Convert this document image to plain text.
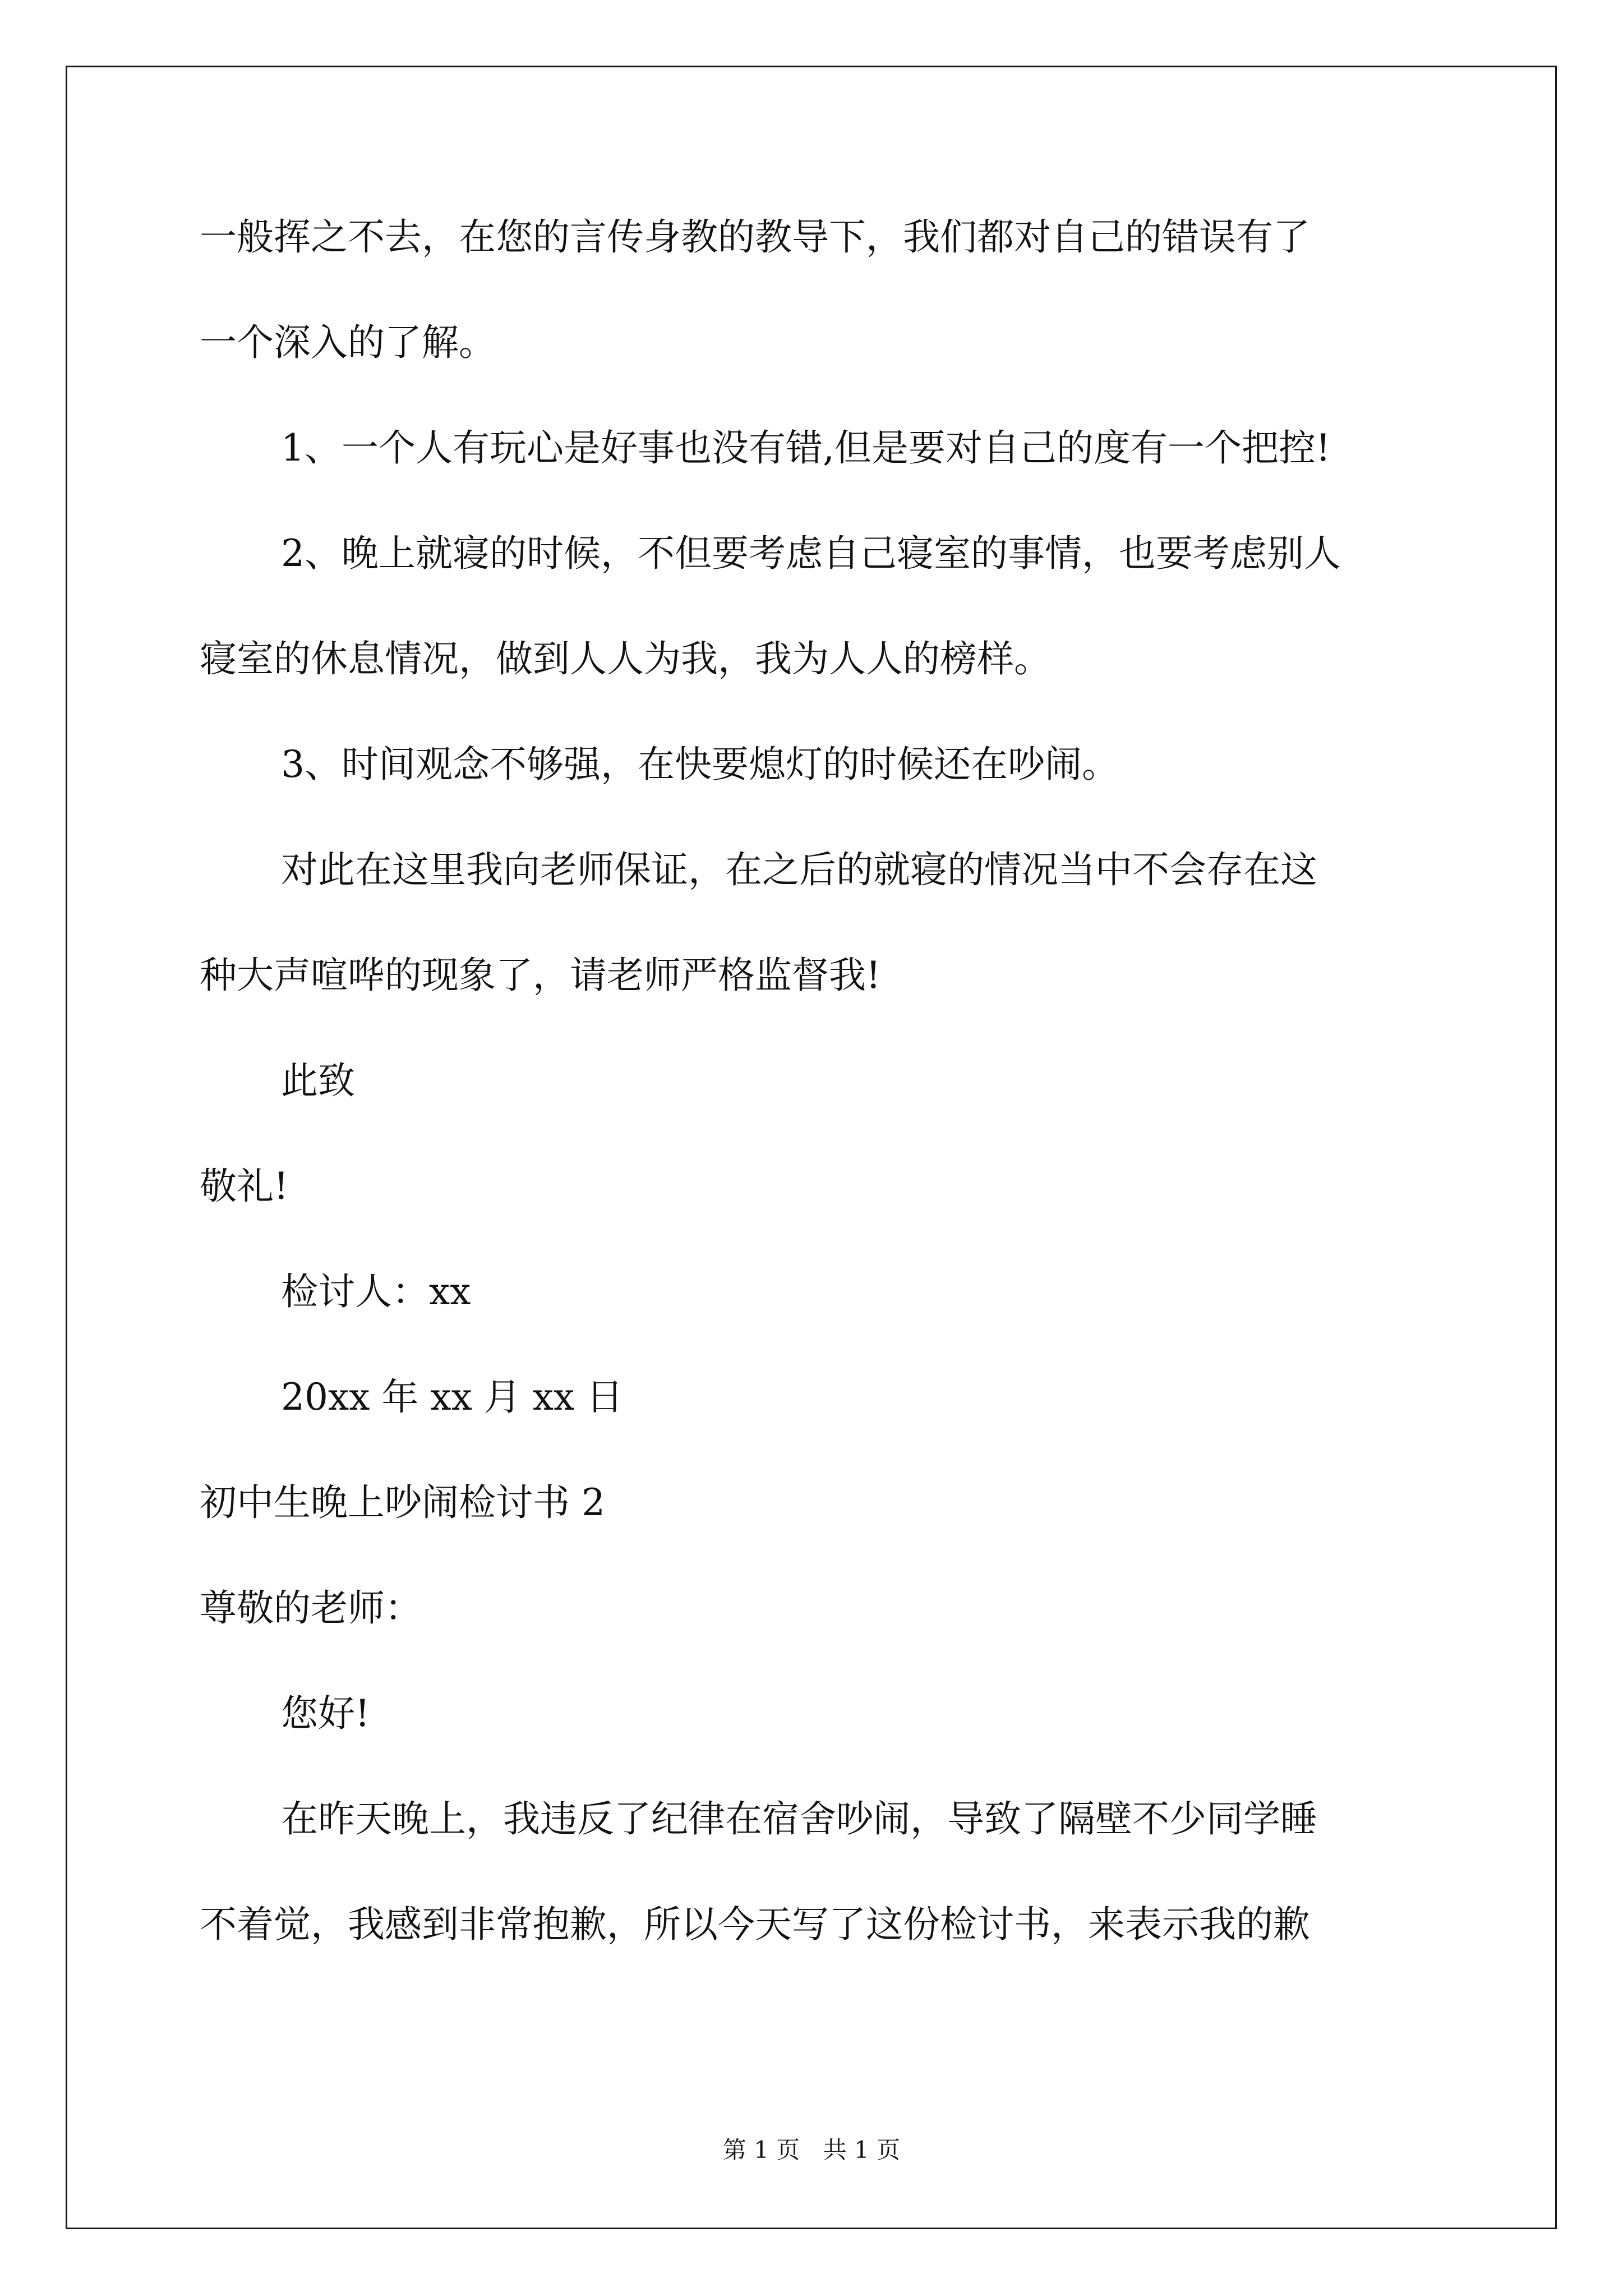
一般挥之不去，在您的言传身教的教导下，我们都对自己的错误有了
一个深入的了解。
1、一个人有玩心是好事也没有错,但是要对自己的度有一个把控!
2、晚上就寝的时候，不但要考虑自己寝室的事情，也要考虑别人
寝室的休息情况，做到人人为我，我为人人的榜样。
3、时间观念不够强，在快要熄灯的时候还在吵闹。
对此在这里我向老师保证，在之后的就寝的情况当中不会存在这
种大声喧哗的现象了，请老师严格监督我!
此致
敬礼!
检讨人：xx
20xx 年 xx 月 xx 日
初中生晚上吵闹检讨书 2
尊敬的老师：
您好!
在昨天晚上，我违反了纪律在宿舍吵闹，导致了隔壁不少同学睡
不着觉，我感到非常抱歉，所以今天写了这份检讨书，来表示我的歉
第 1 页 共 1 页
